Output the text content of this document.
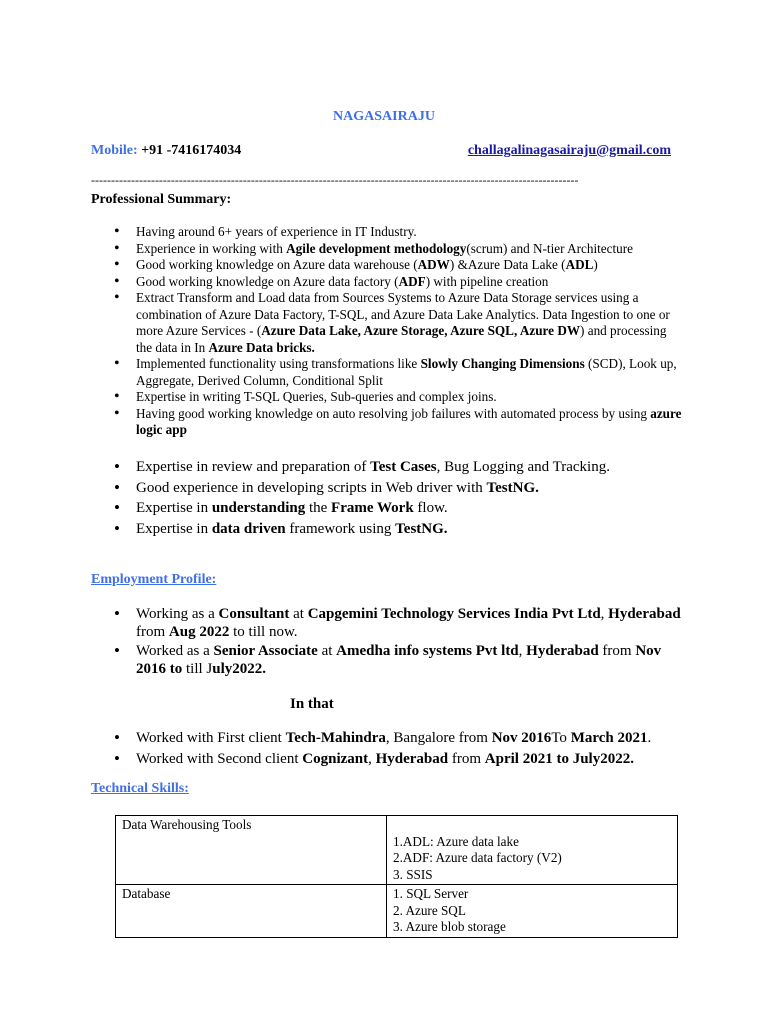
NAGASAIRAJU
Mobile: +91 -7416174034	challagalinagasairaju@gmail.com
--------------------------------------------------------------------------------------------------------------------------
Professional Summary:
• Having around 6+ years of experience in IT Industry.
• Experience in working with Agile development methodology(scrum) and N-tier Architecture
• Good working knowledge on Azure data warehouse (ADW) &Azure Data Lake (ADL)
• Good working knowledge on Azure data factory (ADF) with pipeline creation
• Extract Transform and Load data from Sources Systems to Azure Data Storage services using a combination of Azure Data Factory, T-SQL, and Azure Data Lake Analytics. Data Ingestion to one or more Azure Services - (Azure Data Lake, Azure Storage, Azure SQL, Azure DW) and processing the data in In Azure Data bricks.
• Implemented functionality using transformations like Slowly Changing Dimensions (SCD), Look up, Aggregate, Derived Column, Conditional Split
• Expertise in writing T-SQL Queries, Sub-queries and complex joins.
• Having good working knowledge on auto resolving job failures with automated process by using azure logic app
• Expertise in review and preparation of Test Cases, Bug Logging and Tracking.
• Good experience in developing scripts in Web driver with TestNG.
• Expertise in understanding the Frame Work flow.
• Expertise in data driven framework using TestNG.
Employment Profile:
• Working as a Consultant at Capgemini Technology Services India Pvt Ltd, Hyderabad from Aug 2022 to till now.
• Worked as a Senior Associate at Amedha info systems Pvt ltd, Hyderabad from Nov 2016 to till July2022.
In that
• Worked with First client Tech-Mahindra, Bangalore from Nov 2016To March 2021.
• Worked with Second client Cognizant, Hyderabad from April 2021 to July2022.
Technical Skills:
Data Warehousing Tools	1.ADL: Azure data lake
2.ADF: Azure data factory (V2)
3. SSIS

Database	1. SQL Server
2. Azure SQL
3. Azure blob storage
